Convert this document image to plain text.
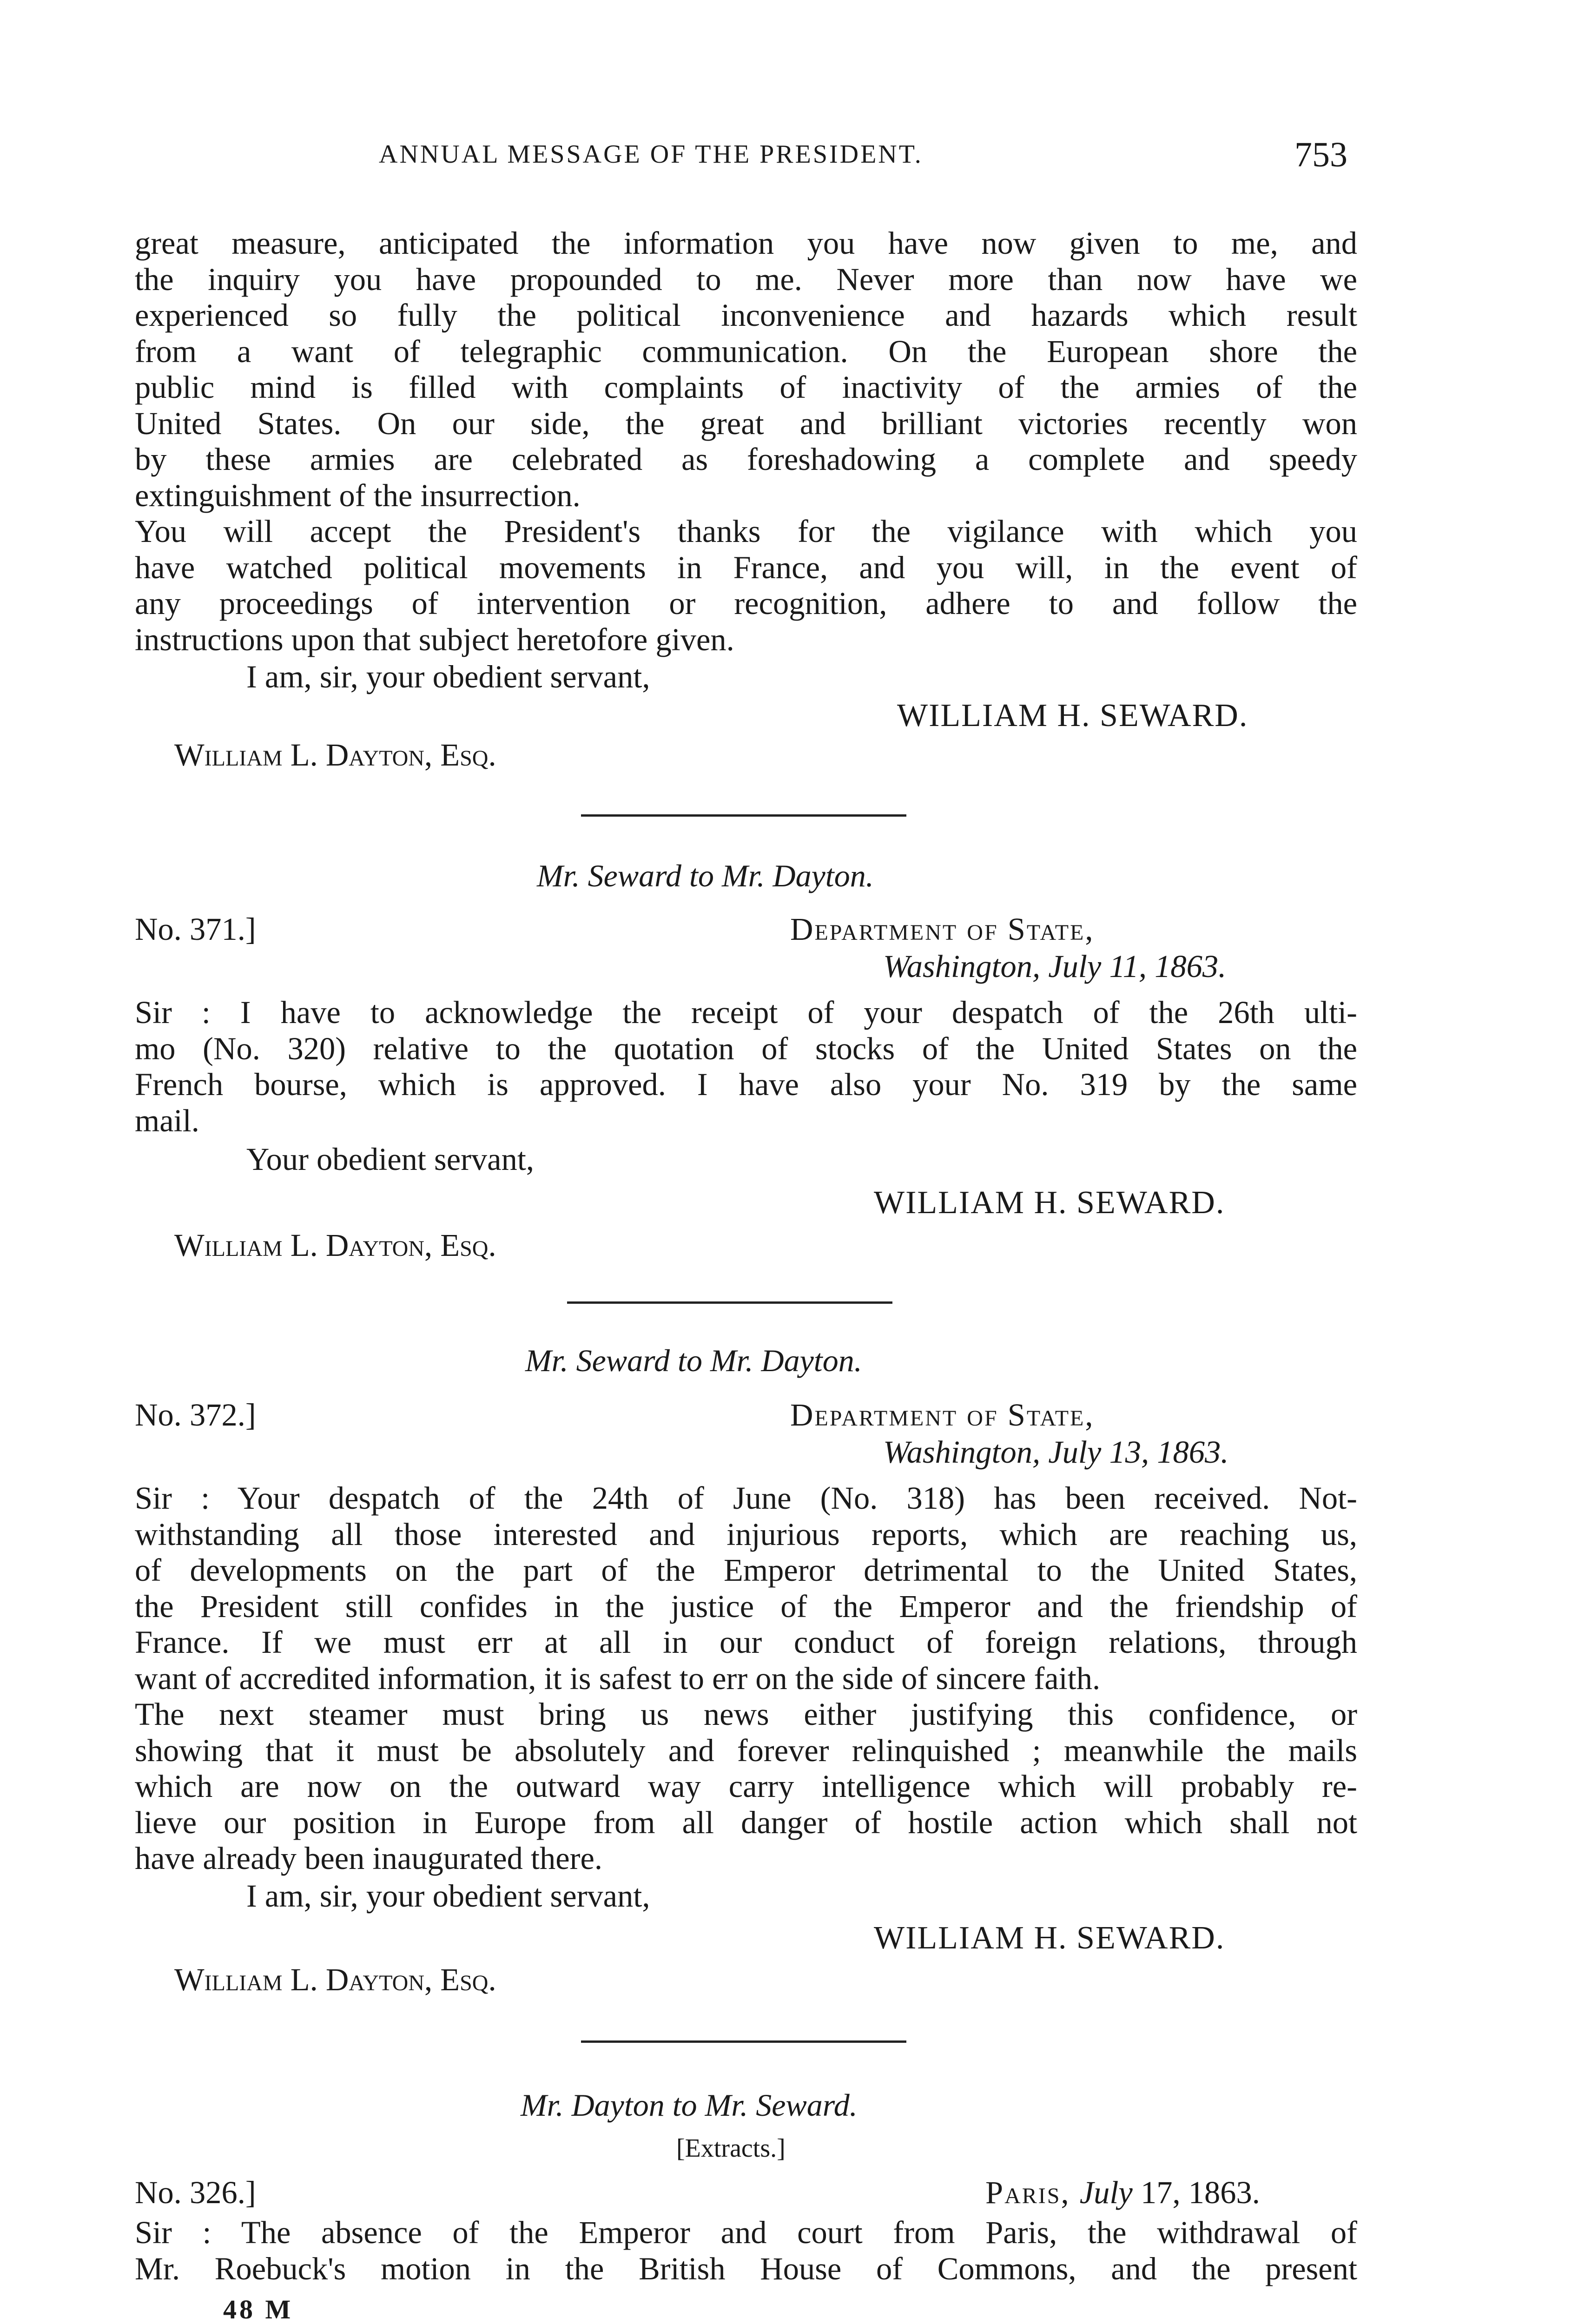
ANNUAL MESSAGE OF THE PRESIDENT.	753
great measure, anticipated the information you have now given to me, and
the inquiry you have propounded to me. Never more than now have we
experienced so fully the political inconvenience and hazards which result
from a want of telegraphic communication. On the European shore the
public mind is filled with complaints of inactivity of the armies of the
United States. On our side, the great and brilliant victories recently won
by these armies are celebrated as foreshadowing a complete and speedy
extinguishment of the insurrection.
You will accept the President's thanks for the vigilance with which you
have watched political movements in France, and you will, in the event of
any proceedings of intervention or recognition, adhere to and follow the
instructions upon that subject heretofore given.
I am, sir, your obedient servant,
WILLIAM H. SEWARD.
William L. Dayton, Esq.
Mr. Seward to Mr. Dayton.
No. 371.]	Department of State,
Washington, July 11, 1863.
Sir : I have to acknowledge the receipt of your despatch of the 26th ulti-
mo (No. 320) relative to the quotation of stocks of the United States on the
French bourse, which is approved. I have also your No. 319 by the same
mail.
Your obedient servant,
WILLIAM H. SEWARD.
William L. Dayton, Esq.
Mr. Seward to Mr. Dayton.
No. 372.]	Department of State,
Washington, July 13, 1863.
Sir : Your despatch of the 24th of June (No. 318) has been received. Not-
withstanding all those interested and injurious reports, which are reaching us,
of developments on the part of the Emperor detrimental to the United States,
the President still confides in the justice of the Emperor and the friendship of
France. If we must err at all in our conduct of foreign relations, through
want of accredited information, it is safest to err on the side of sincere faith.
The next steamer must bring us news either justifying this confidence, or
showing that it must be absolutely and forever relinquished ; meanwhile the mails
which are now on the outward way carry intelligence which will probably re-
lieve our position in Europe from all danger of hostile action which shall not
have already been inaugurated there.
I am, sir, your obedient servant,
WILLIAM H. SEWARD.
William L. Dayton, Esq.
Mr. Dayton to Mr. Seward.
[Extracts.]
No. 326.]	Paris, July 17, 1863.
Sir : The absence of the Emperor and court from Paris, the withdrawal of
Mr. Roebuck's motion in the British House of Commons, and the present
48 M
